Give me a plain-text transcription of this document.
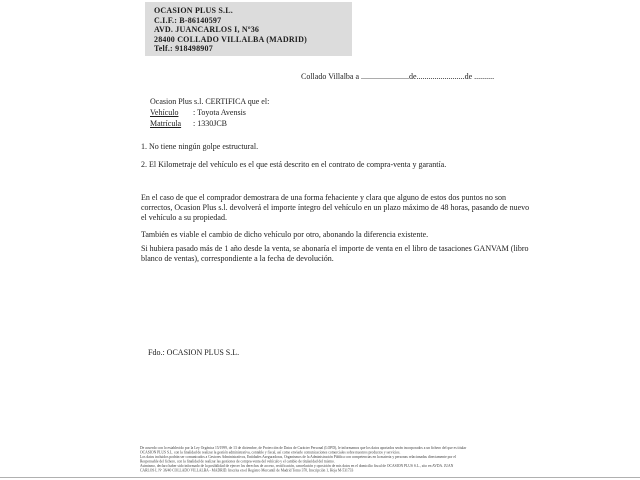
OCASION PLUS S.L.
C.I.F.: B-86140597
AVD. JUANCARLOS I, Nº36
28400 COLLADO VILLALBA (MADRID)
Telf.: 918498907
Collado Villalba a ........................de........................de ..........
Ocasion Plus s.l. CERTIFICA que el:
Vehículo : Toyota Avensis
Matrícula : 1330JCB
1. No tiene ningún golpe estructural.
2. El Kilometraje del vehículo es el que está descrito en el contrato de compra-venta y garantía.
En el caso de que el comprador demostrara de una forma fehaciente y clara que alguno de estos dos puntos no son correctos, Ocasion Plus s.l. devolverá el importe íntegro del vehículo en un plazo máximo de 48 horas, pasando de nuevo el vehículo a su propiedad.
También es viable el cambio de dicho vehículo por otro, abonando la diferencia existente.
Si hubiera pasado más de 1 año desde la venta, se abonaría el importe de venta en el libro de tasaciones GANVAM (libro blanco de ventas), correspondiente a la fecha de devolución.
Fdo.: OCASION PLUS S.L.
De acuerdo con lo establecido por la Ley Orgánica 15/1999, de 13 de diciembre, de Protección de Datos de Carácter Personal (LOPD), le informamos que los datos aportados serán incorporados a un fichero del que es titular
OCASION PLUS S.L. con la finalidad de realizar la gestión administrativa, contable y fiscal, así como enviarle comunicaciones comerciales sobre nuestros productos y servicios.
Los datos incluidos podrán ser comunicados a Gestores Administrativos, Entidades Aseguradoras, Organismos de la Administración Pública con competencias en la materia y personas relacionadas directamente por el
Responsable del fichero, con la finalidad de realizar las gestiones de compra-venta del vehículo y el cambio de titularidad del mismo.
Asimismo, declaro haber sido informado de la posibilidad de ejercer los derechos de acceso, rectificación, cancelación y oposición de mis datos en el domicilio fiscal de OCASION PLUS S.L., sito en AVDA. JUAN
CARLOS I, Nº 36/40 COLLADO VILLALBA - MADRID. Inscrita en el Registro Mercantil de Madrid Tomo 370, Inscripción 1, Hoja M-531733
